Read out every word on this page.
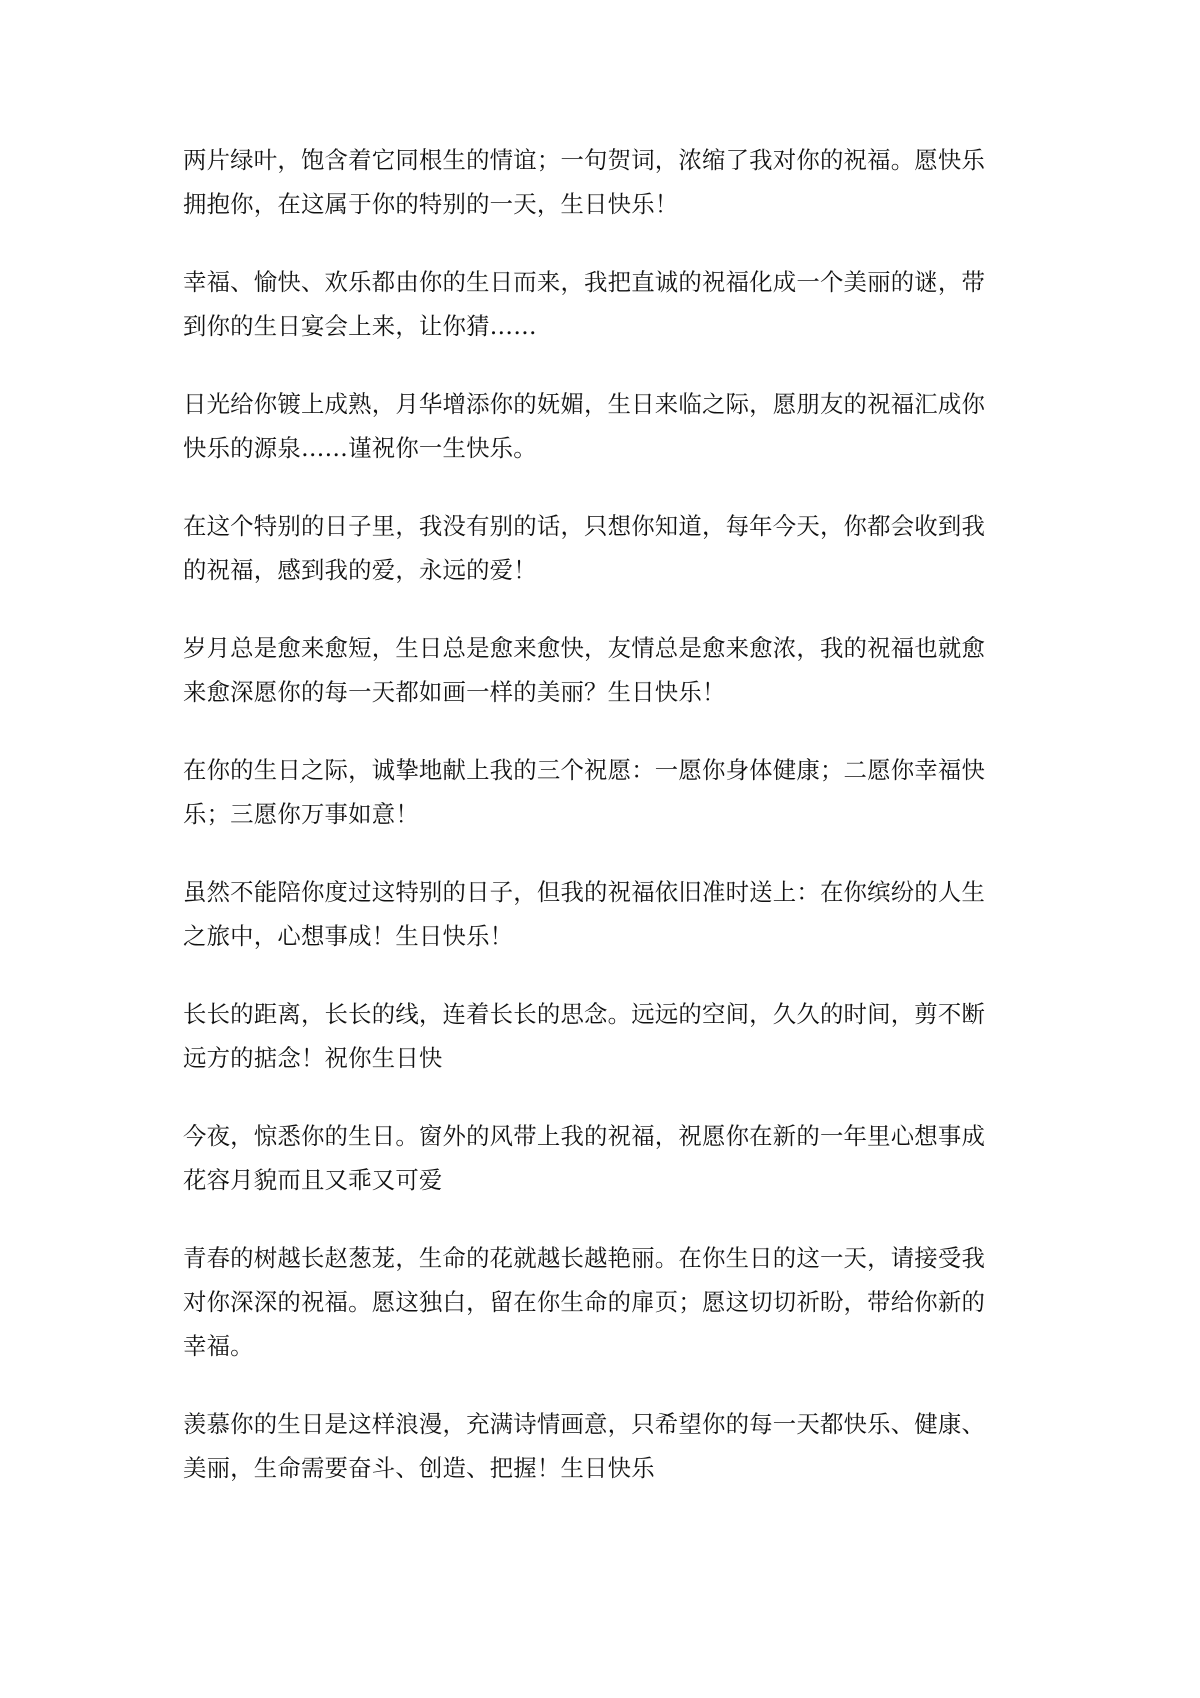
两片绿叶，饱含着它同根生的情谊；一句贺词，浓缩了我对你的祝福。愿快乐
拥抱你，在这属于你的特别的一天，生日快乐！

幸福、愉快、欢乐都由你的生日而来，我把直诚的祝福化成一个美丽的谜，带
到你的生日宴会上来，让你猜……

日光给你镀上成熟，月华增添你的妩媚，生日来临之际，愿朋友的祝福汇成你
快乐的源泉……谨祝你一生快乐。

在这个特别的日子里，我没有别的话，只想你知道，每年今天，你都会收到我
的祝福，感到我的爱，永远的爱！

岁月总是愈来愈短，生日总是愈来愈快，友情总是愈来愈浓，我的祝福也就愈
来愈深愿你的每一天都如画一样的美丽？生日快乐！

在你的生日之际，诚挚地献上我的三个祝愿：一愿你身体健康；二愿你幸福快
乐；三愿你万事如意！

虽然不能陪你度过这特别的日子，但我的祝福依旧准时送上：在你缤纷的人生
之旅中，心想事成！生日快乐！

长长的距离，长长的线，连着长长的思念。远远的空间，久久的时间，剪不断
远方的掂念！祝你生日快

今夜，惊悉你的生日。窗外的风带上我的祝福，祝愿你在新的一年里心想事成
花容月貌而且又乖又可爱

青春的树越长赵葱茏，生命的花就越长越艳丽。在你生日的这一天，请接受我
对你深深的祝福。愿这独白，留在你生命的扉页；愿这切切祈盼，带给你新的
幸福。

羡慕你的生日是这样浪漫，充满诗情画意，只希望你的每一天都快乐、健康、
美丽，生命需要奋斗、创造、把握！生日快乐
